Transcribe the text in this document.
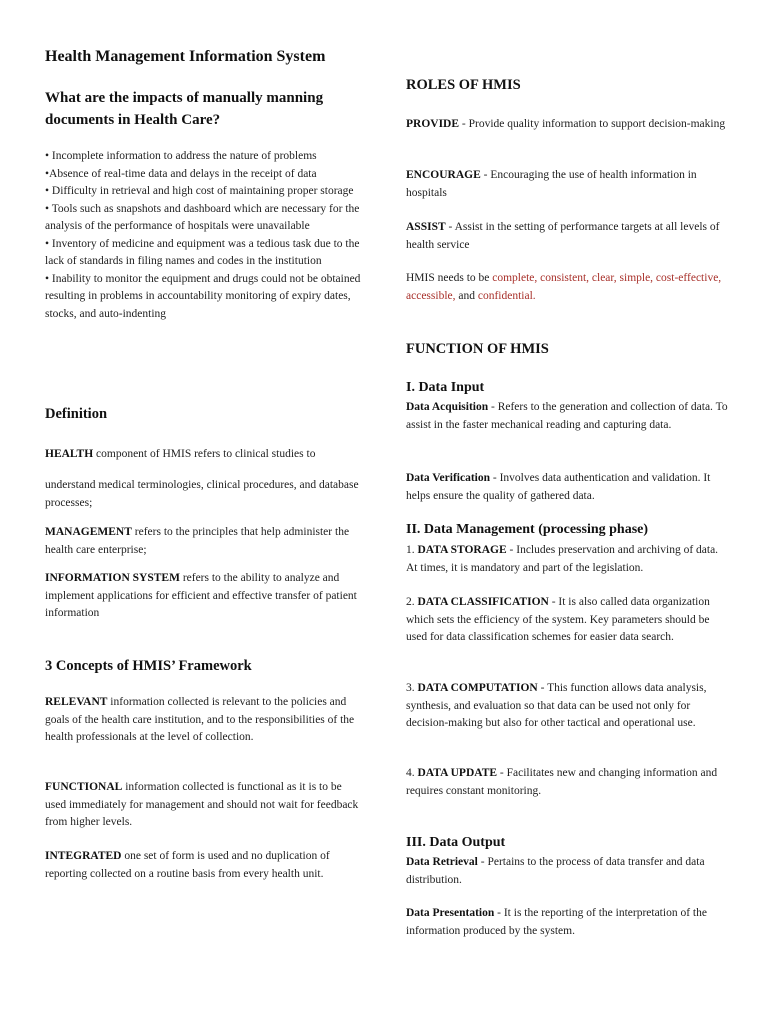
Health Management Information System

What are the impacts of manually manning documents in Health Care?

• Incomplete information to address the nature of problems
•Absence of real-time data and delays in the receipt of data
• Difficulty in retrieval and high cost of maintaining proper storage
• Tools such as snapshots and dashboard which are necessary for the analysis of the performance of hospitals were unavailable
• Inventory of medicine and equipment was a tedious task due to the lack of standards in filing names and codes in the institution
• Inability to monitor the equipment and drugs could not be obtained resulting in problems in accountability monitoring of expiry dates, stocks, and auto-indenting

Definition

HEALTH component of HMIS refers to clinical studies to

understand medical terminologies, clinical procedures, and database processes;

MANAGEMENT refers to the principles that help administer the health care enterprise;

INFORMATION SYSTEM refers to the ability to analyze and implement applications for efficient and effective transfer of patient information

3 Concepts of HMIS’ Framework

RELEVANT information collected is relevant to the policies and goals of the health care institution, and to the responsibilities of the health professionals at the level of collection.

FUNCTIONAL information collected is functional as it is to be used immediately for management and should not wait for feedback from higher levels.

INTEGRATED one set of form is used and no duplication of reporting collected on a routine basis from every health unit.

ROLES OF HMIS

PROVIDE - Provide quality information to support decision-making

ENCOURAGE - Encouraging the use of health information in hospitals

ASSIST - Assist in the setting of performance targets at all levels of health service

HMIS needs to be complete, consistent, clear, simple, cost-effective, accessible, and confidential.

FUNCTION OF HMIS

I. Data Input

Data Acquisition - Refers to the generation and collection of data. To assist in the faster mechanical reading and capturing data.

Data Verification - Involves data authentication and validation. It helps ensure the quality of gathered data.

II. Data Management (processing phase)

1. DATA STORAGE - Includes preservation and archiving of data. At times, it is mandatory and part of the legislation.

2. DATA CLASSIFICATION - It is also called data organization which sets the efficiency of the system. Key parameters should be used for data classification schemes for easier data search.

3. DATA COMPUTATION - This function allows data analysis, synthesis, and evaluation so that data can be used not only for decision-making but also for other tactical and operational use.

4. DATA UPDATE - Facilitates new and changing information and requires constant monitoring.

III. Data Output

Data Retrieval - Pertains to the process of data transfer and data distribution.

Data Presentation - It is the reporting of the interpretation of the information produced by the system.
